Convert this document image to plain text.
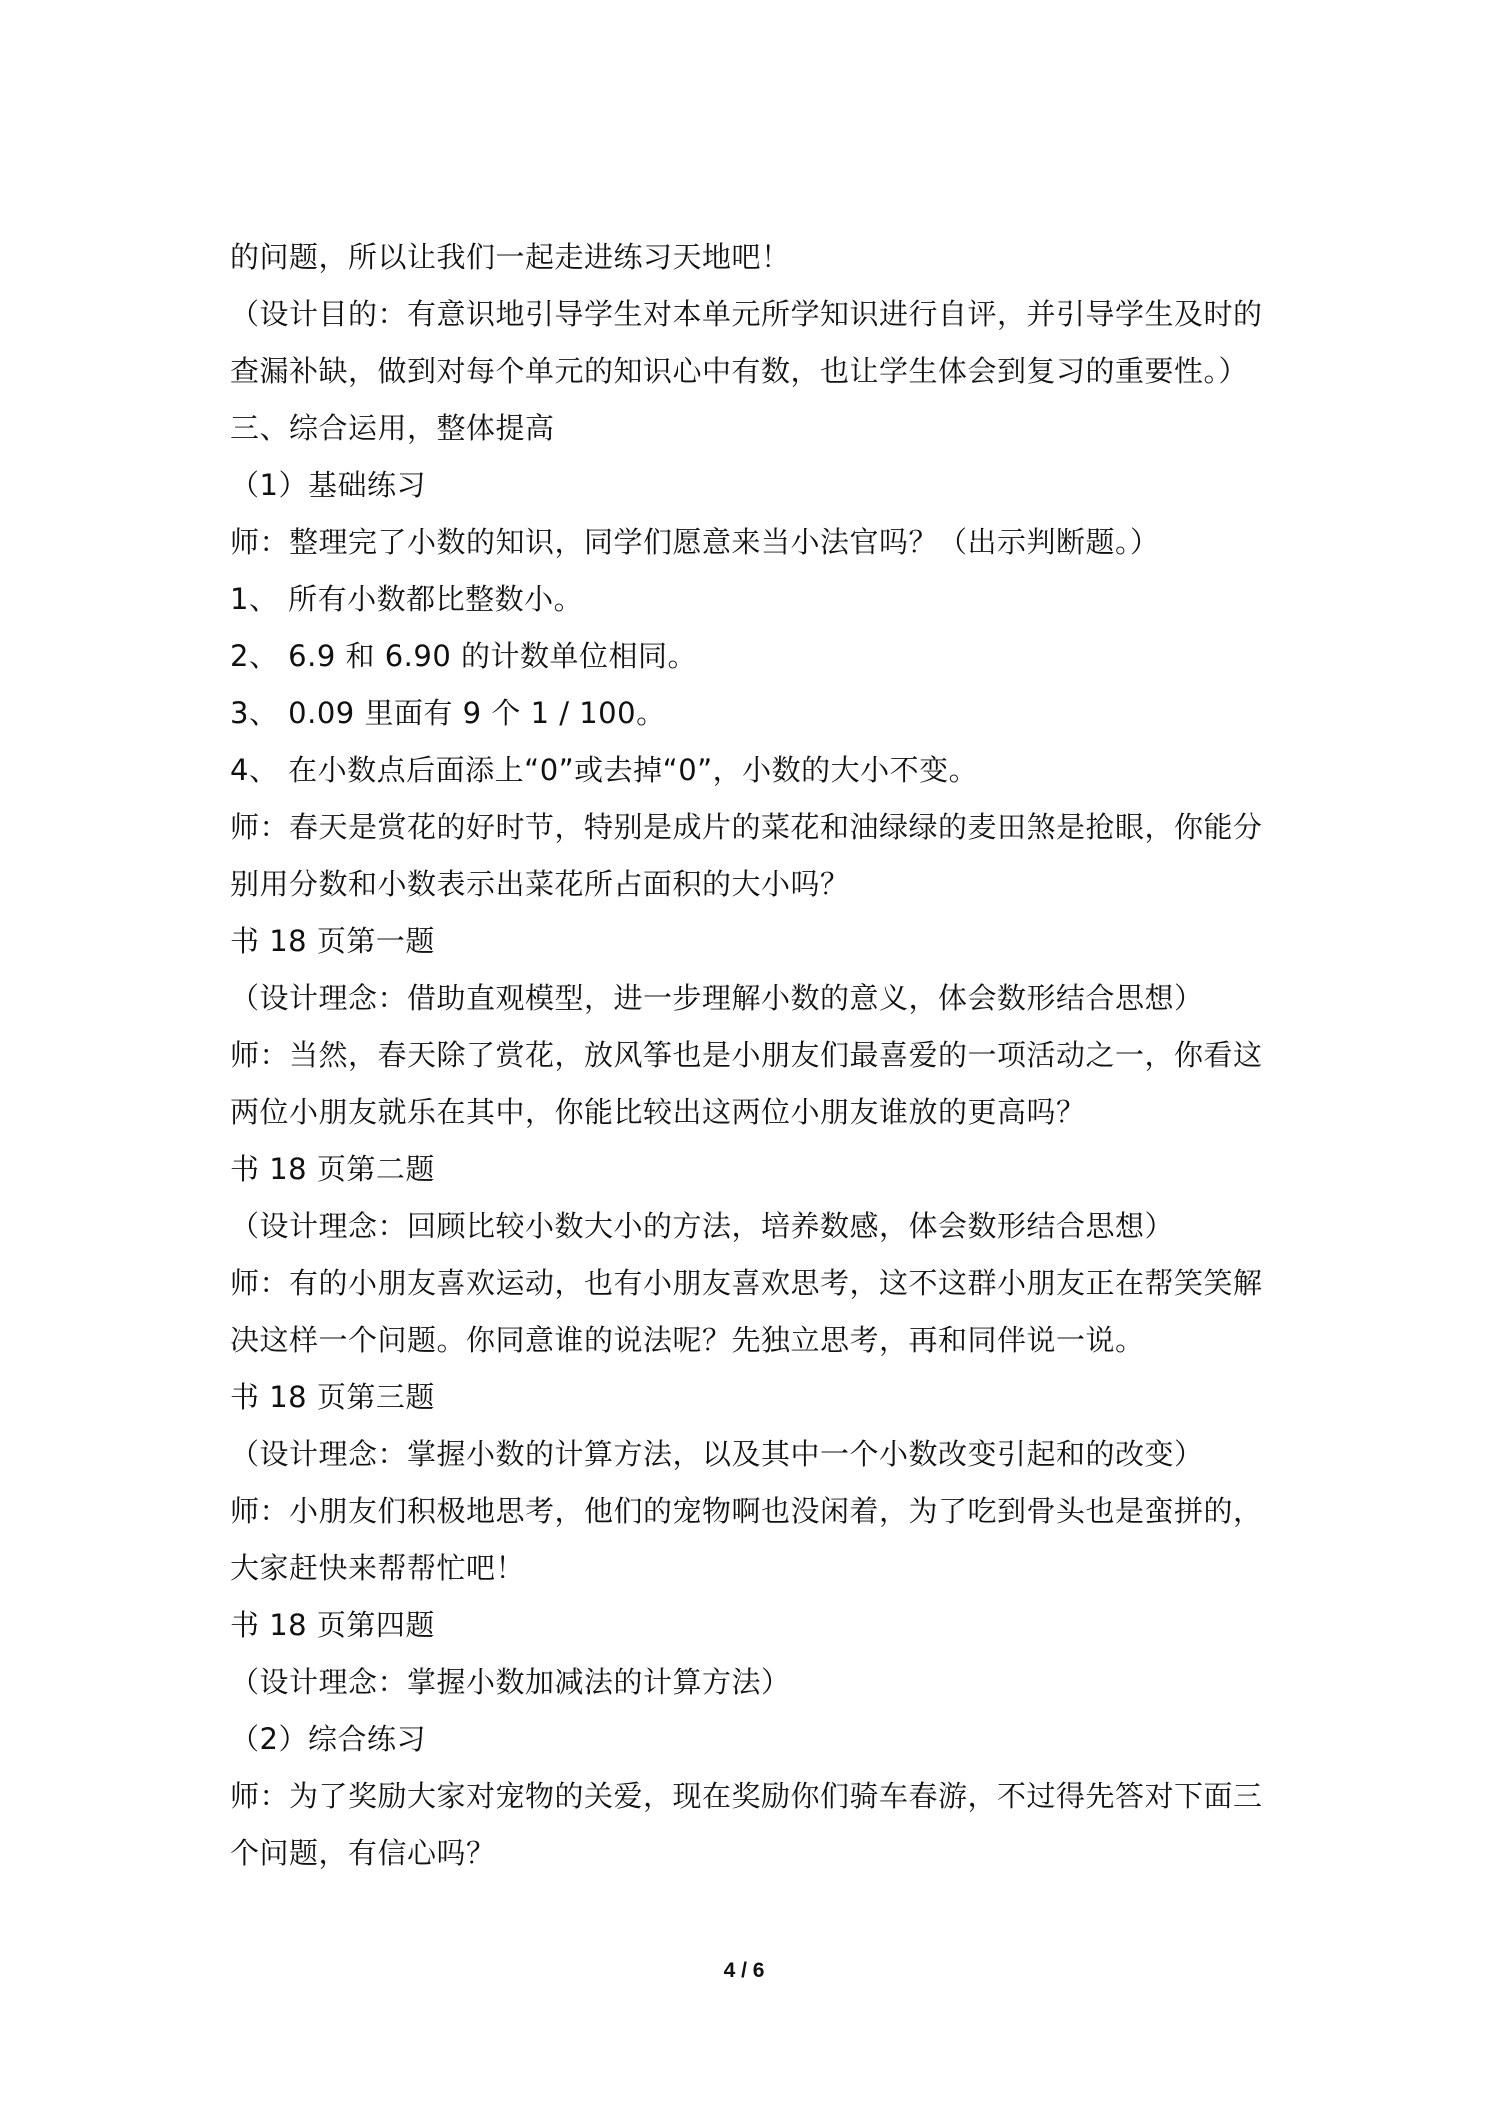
的问题，所以让我们一起走进练习天地吧！
（设计目的：有意识地引导学生对本单元所学知识进行自评，并引导学生及时的
查漏补缺，做到对每个单元的知识心中有数，也让学生体会到复习的重要性。）
三、综合运用，整体提高
（1）基础练习
师：整理完了小数的知识，同学们愿意来当小法官吗？（出示判断题。）
1、 所有小数都比整数小。
2、 6.9 和 6.90 的计数单位相同。
3、 0.09 里面有 9 个 1 / 100。
4、 在小数点后面添上“0”或去掉“0”，小数的大小不变。
师：春天是赏花的好时节，特别是成片的菜花和油绿绿的麦田煞是抢眼，你能分
别用分数和小数表示出菜花所占面积的大小吗？
书 18 页第一题
（设计理念：借助直观模型，进一步理解小数的意义，体会数形结合思想）
师：当然，春天除了赏花，放风筝也是小朋友们最喜爱的一项活动之一，你看这
两位小朋友就乐在其中，你能比较出这两位小朋友谁放的更高吗？
书 18 页第二题
（设计理念：回顾比较小数大小的方法，培养数感，体会数形结合思想）
师：有的小朋友喜欢运动，也有小朋友喜欢思考，这不这群小朋友正在帮笑笑解
决这样一个问题。你同意谁的说法呢？先独立思考，再和同伴说一说。
书 18 页第三题
（设计理念：掌握小数的计算方法，以及其中一个小数改变引起和的改变）
师：小朋友们积极地思考，他们的宠物啊也没闲着，为了吃到骨头也是蛮拼的，
大家赶快来帮帮忙吧！
书 18 页第四题
（设计理念：掌握小数加减法的计算方法）
（2）综合练习
师：为了奖励大家对宠物的关爱，现在奖励你们骑车春游，不过得先答对下面三
个问题，有信心吗？
4 / 6
